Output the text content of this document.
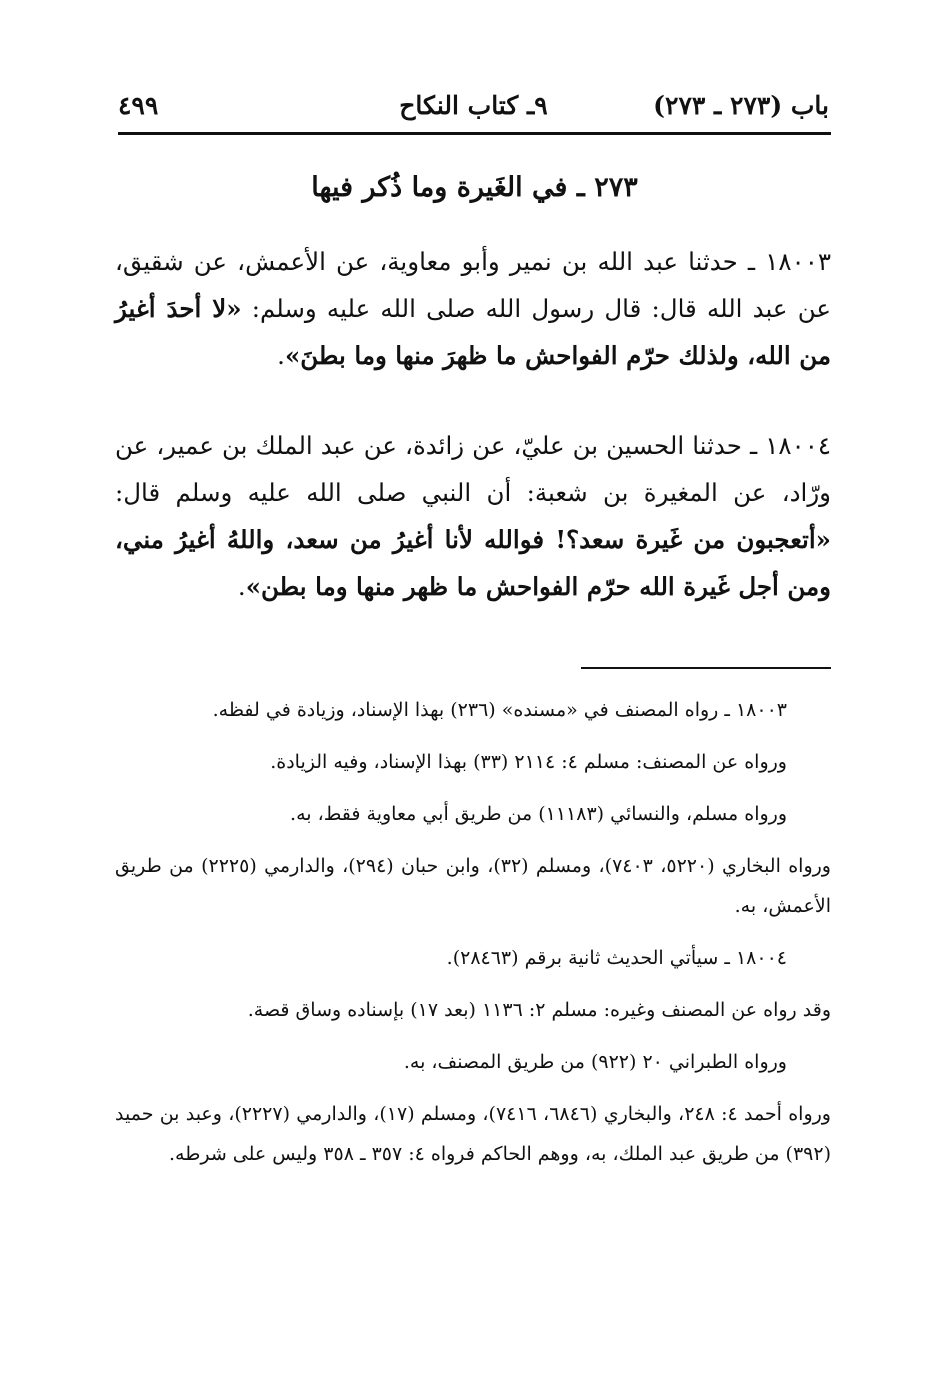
باب (٢٧٣ ـ ٢٧٣)
٩ـ كتاب النكاح
٤٩٩
٢٧٣ ـ في الغَيرة وما ذُكر فيها
١٨٠٠٣ ـ حدثنا عبد الله بن نمير وأبو معاوية، عن الأعمش، عن شقيق، عن عبد الله قال: قال رسول الله صلى الله عليه وسلم: «لا أحدَ أغيرُ من الله، ولذلك حرّم الفواحش ما ظهرَ منها وما بطنَ».
١٨٠٠٤ ـ حدثنا الحسين بن عليّ، عن زائدة، عن عبد الملك بن عمير، عن ورّاد، عن المغيرة بن شعبة: أن النبي صلى الله عليه وسلم قال: «أتعجبون من غَيرة سعد؟! فوالله لأنا أغيرُ من سعد، واللهُ أغيرُ مني، ومن أجل غَيرة الله حرّم الفواحش ما ظهر منها وما بطن».

١٨٠٠٣ ـ رواه المصنف في «مسنده» (٢٣٦) بهذا الإسناد، وزيادة في لفظه.

ورواه عن المصنف: مسلم ٤: ٢١١٤ (٣٣) بهذا الإسناد، وفيه الزيادة.

ورواه مسلم، والنسائي (١١١٨٣) من طريق أبي معاوية فقط، به.

ورواه البخاري (٥٢٢٠، ٧٤٠٣)، ومسلم (٣٢)، وابن حبان (٢٩٤)، والدارمي (٢٢٢٥) من طريق الأعمش، به.

١٨٠٠٤ ـ سيأتي الحديث ثانية برقم (٢٨٤٦٣).

وقد رواه عن المصنف وغيره: مسلم ٢: ١١٣٦ (بعد ١٧) بإسناده وساق قصة.

ورواه الطبراني ٢٠ (٩٢٢) من طريق المصنف، به.

ورواه أحمد ٤: ٢٤٨، والبخاري (٦٨٤٦، ٧٤١٦)، ومسلم (١٧)، والدارمي (٢٢٢٧)، وعبد بن حميد (٣٩٢) من طريق عبد الملك، به، ووهم الحاكم فرواه ٤: ٣٥٧ ـ ٣٥٨ وليس على شرطه.
